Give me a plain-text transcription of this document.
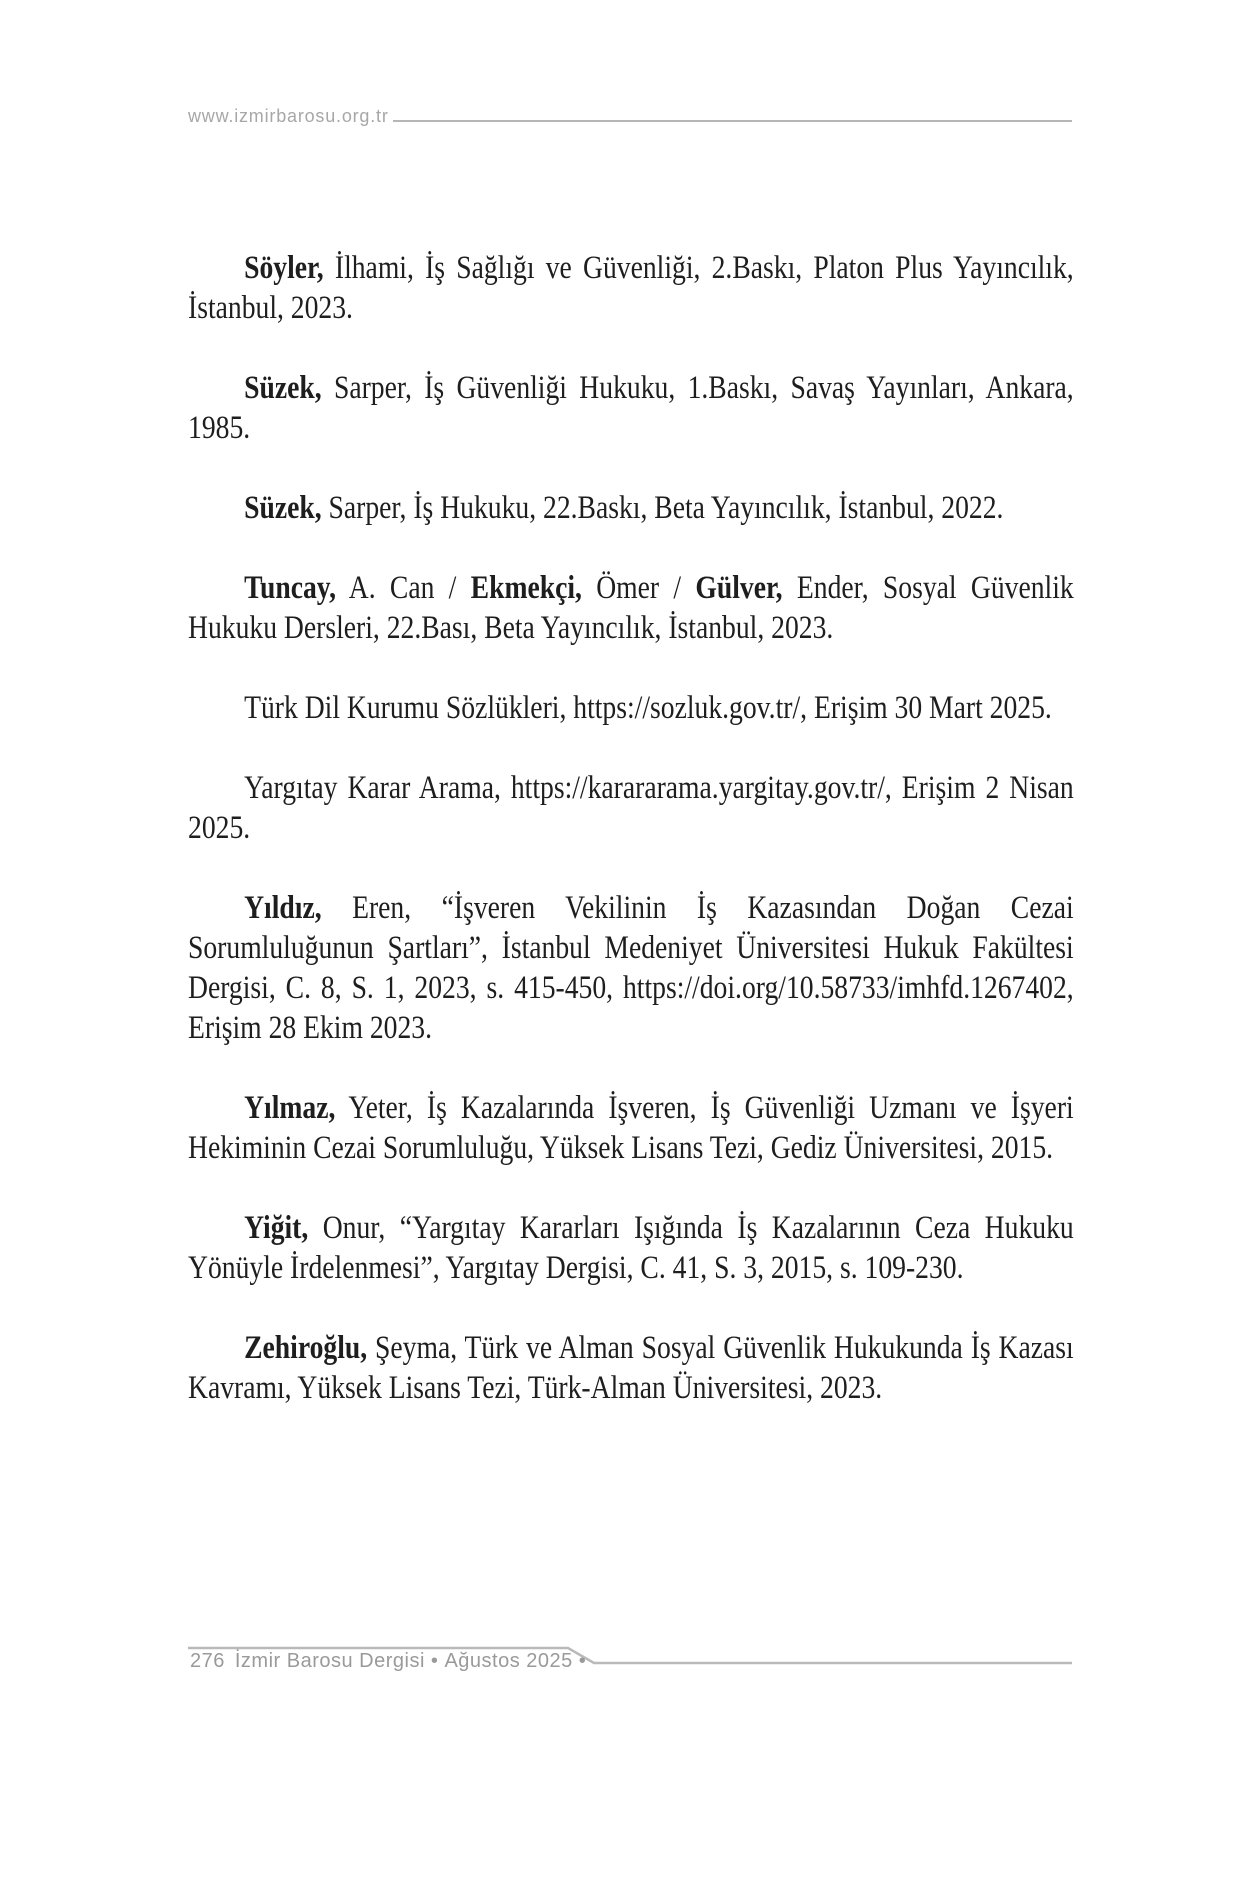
www.izmirbarosu.org.tr

Söyler, İlhami, İş Sağlığı ve Güvenliği, 2.Baskı, Platon Plus Yayıncılık, İstanbul, 2023.

Süzek, Sarper, İş Güvenliği Hukuku, 1.Baskı, Savaş Yayınları, Ankara, 1985.

Süzek, Sarper, İş Hukuku, 22.Baskı, Beta Yayıncılık, İstanbul, 2022.

Tuncay, A. Can / Ekmekçi, Ömer / Gülver, Ender, Sosyal Güvenlik Hukuku Dersleri, 22.Bası, Beta Yayıncılık, İstanbul, 2023.

Türk Dil Kurumu Sözlükleri, https://sozluk.gov.tr/, Erişim 30 Mart 2025.

Yargıtay Karar Arama, https://karararama.yargitay.gov.tr/, Erişim 2 Nisan 2025.

Yıldız, Eren, “İşveren Vekilinin İş Kazasından Doğan Cezai Sorumluluğunun Şartları”, İstanbul Medeniyet Üniversitesi Hukuk Fakültesi Dergisi, C. 8, S. 1, 2023, s. 415-450, https://doi.org/10.58733/imhfd.1267402, Erişim 28 Ekim 2023.

Yılmaz, Yeter, İş Kazalarında İşveren, İş Güvenliği Uzmanı ve İşyeri Hekiminin Cezai Sorumluluğu, Yüksek Lisans Tezi, Gediz Üniversitesi, 2015.

Yiğit, Onur, “Yargıtay Kararları Işığında İş Kazalarının Ceza Hukuku Yönüyle İrdelenmesi”, Yargıtay Dergisi, C. 41, S. 3, 2015, s. 109-230.

Zehiroğlu, Şeyma, Türk ve Alman Sosyal Güvenlik Hukukunda İş Kazası Kavramı, Yüksek Lisans Tezi, Türk-Alman Üniversitesi, 2023.

276 İzmir Barosu Dergisi • Ağustos 2025 •
